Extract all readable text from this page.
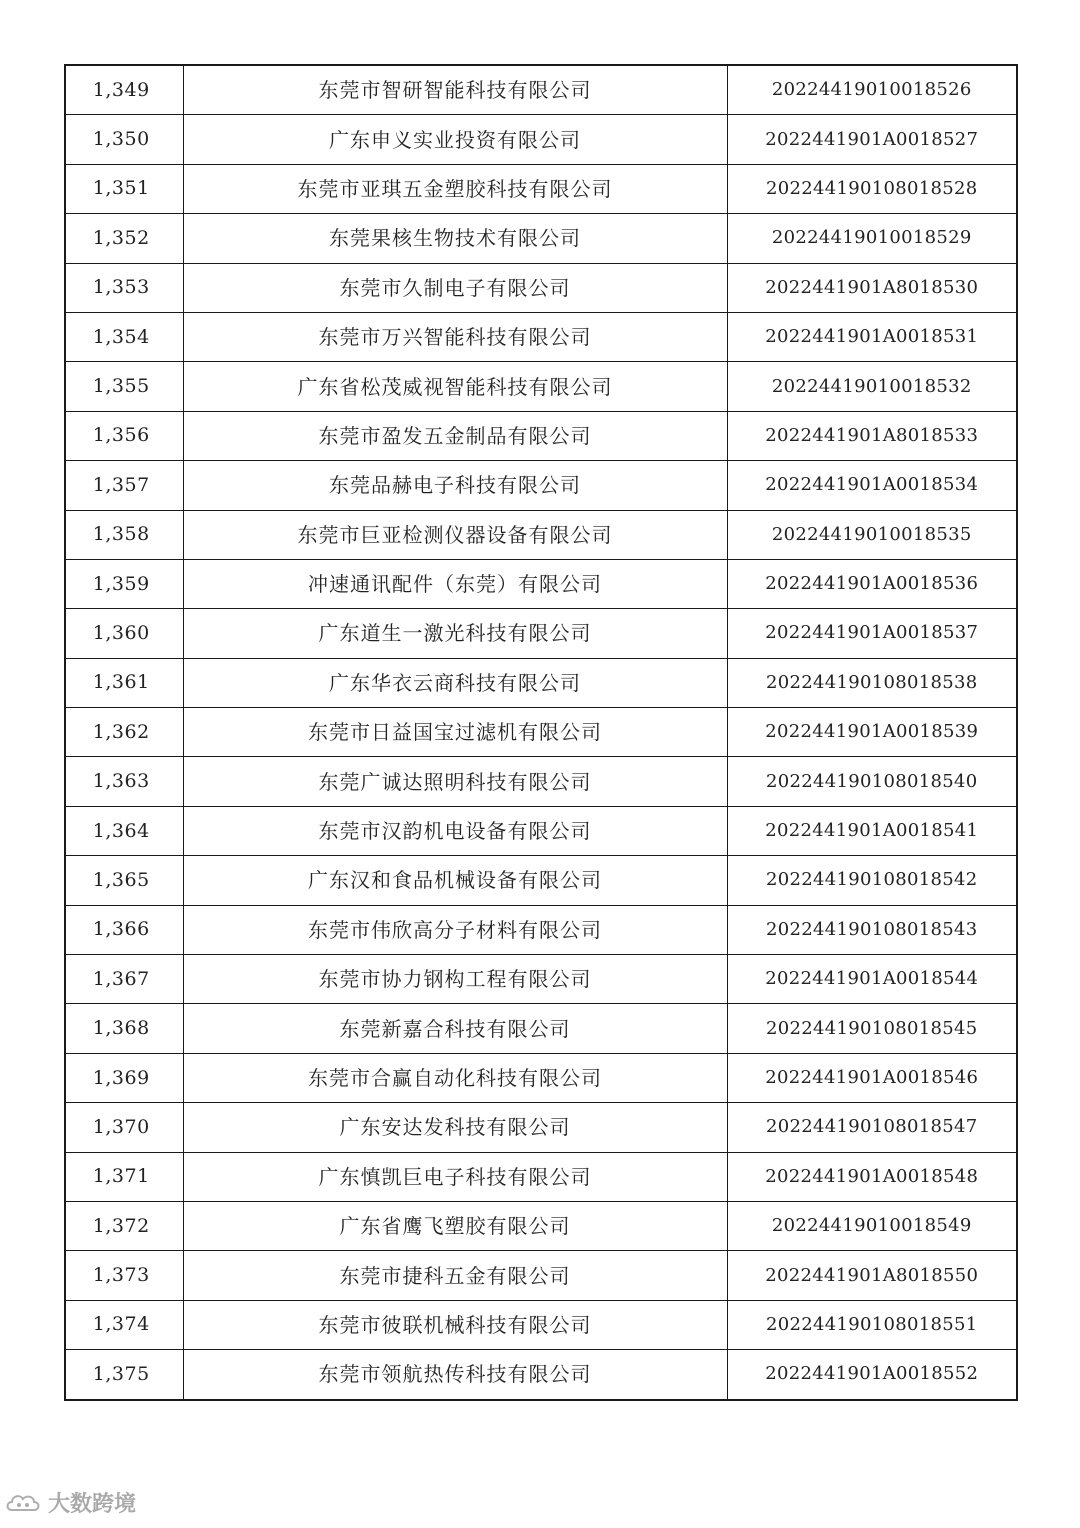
1,349	东莞市智研智能科技有限公司	20224419010018526
1,350	广东申义实业投资有限公司	2022441901A0018527
1,351	东莞市亚琪五金塑胶科技有限公司	202244190108018528
1,352	东莞果核生物技术有限公司	20224419010018529
1,353	东莞市久制电子有限公司	2022441901A8018530
1,354	东莞市万兴智能科技有限公司	2022441901A0018531
1,355	广东省松茂威视智能科技有限公司	20224419010018532
1,356	东莞市盈发五金制品有限公司	2022441901A8018533
1,357	东莞品赫电子科技有限公司	2022441901A0018534
1,358	东莞市巨亚检测仪器设备有限公司	20224419010018535
1,359	冲速通讯配件（东莞）有限公司	2022441901A0018536
1,360	广东道生一激光科技有限公司	2022441901A0018537
1,361	广东华衣云商科技有限公司	202244190108018538
1,362	东莞市日益国宝过滤机有限公司	2022441901A0018539
1,363	东莞广诚达照明科技有限公司	202244190108018540
1,364	东莞市汉韵机电设备有限公司	2022441901A0018541
1,365	广东汉和食品机械设备有限公司	202244190108018542
1,366	东莞市伟欣高分子材料有限公司	202244190108018543
1,367	东莞市协力钢构工程有限公司	2022441901A0018544
1,368	东莞新嘉合科技有限公司	202244190108018545
1,369	东莞市合赢自动化科技有限公司	2022441901A0018546
1,370	广东安达发科技有限公司	202244190108018547
1,371	广东慎凯巨电子科技有限公司	2022441901A0018548
1,372	广东省鹰飞塑胶有限公司	20224419010018549
1,373	东莞市捷科五金有限公司	2022441901A8018550
1,374	东莞市彼联机械科技有限公司	202244190108018551
1,375	东莞市领航热传科技有限公司	2022441901A0018552
大数跨境
